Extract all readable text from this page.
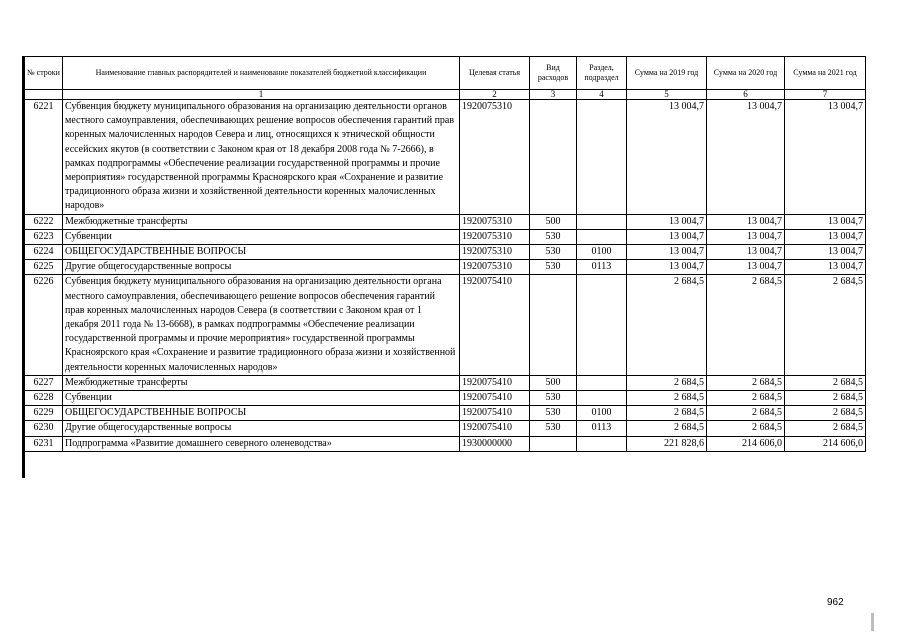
№ строки	Наименование главных распорядителей и наименование показателей бюджетной классификации	Целевая статья	Вид расходов	Раздел, подраздел	Сумма на 2019 год	Сумма на 2020 год	Сумма на 2021 год
	1	2	3	4	5	6	7
6221	Субвенция бюджету муниципального образования на организацию деятельности органов местного самоуправления, обеспечивающих решение вопросов обеспечения гарантий прав коренных малочисленных народов Севера и лиц, относящихся к этнической общности ессейских якутов (в соответствии с Законом края от 18 декабря 2008 года № 7-2666), в рамках подпрограммы «Обеспечение реализации государственной программы и прочие мероприятия» государственной программы Красноярского края «Сохранение и развитие традиционного образа жизни и хозяйственной деятельности коренных малочисленных народов»	1920075310			13 004,7	13 004,7	13 004,7
6222	Межбюджетные трансферты	1920075310	500		13 004,7	13 004,7	13 004,7
6223	Субвенции	1920075310	530		13 004,7	13 004,7	13 004,7
6224	ОБЩЕГОСУДАРСТВЕННЫЕ ВОПРОСЫ	1920075310	530	0100	13 004,7	13 004,7	13 004,7
6225	Другие общегосударственные вопросы	1920075310	530	0113	13 004,7	13 004,7	13 004,7
6226	Субвенция бюджету муниципального образования на организацию деятельности органа местного самоуправления, обеспечивающего решение вопросов обеспечения гарантий прав коренных малочисленных народов Севера (в соответствии с Законом края от 1 декабря 2011 года № 13-6668), в рамках подпрограммы «Обеспечение реализации государственной программы и прочие мероприятия» государственной программы Красноярского края «Сохранение и развитие традиционного образа жизни и хозяйственной деятельности коренных малочисленных народов»	1920075410			2 684,5	2 684,5	2 684,5
6227	Межбюджетные трансферты	1920075410	500		2 684,5	2 684,5	2 684,5
6228	Субвенции	1920075410	530		2 684,5	2 684,5	2 684,5
6229	ОБЩЕГОСУДАРСТВЕННЫЕ ВОПРОСЫ	1920075410	530	0100	2 684,5	2 684,5	2 684,5
6230	Другие общегосударственные вопросы	1920075410	530	0113	2 684,5	2 684,5	2 684,5
6231	Подпрограмма «Развитие домашнего северного оленеводства»	1930000000			221 828,6	214 606,0	214 606,0
962
